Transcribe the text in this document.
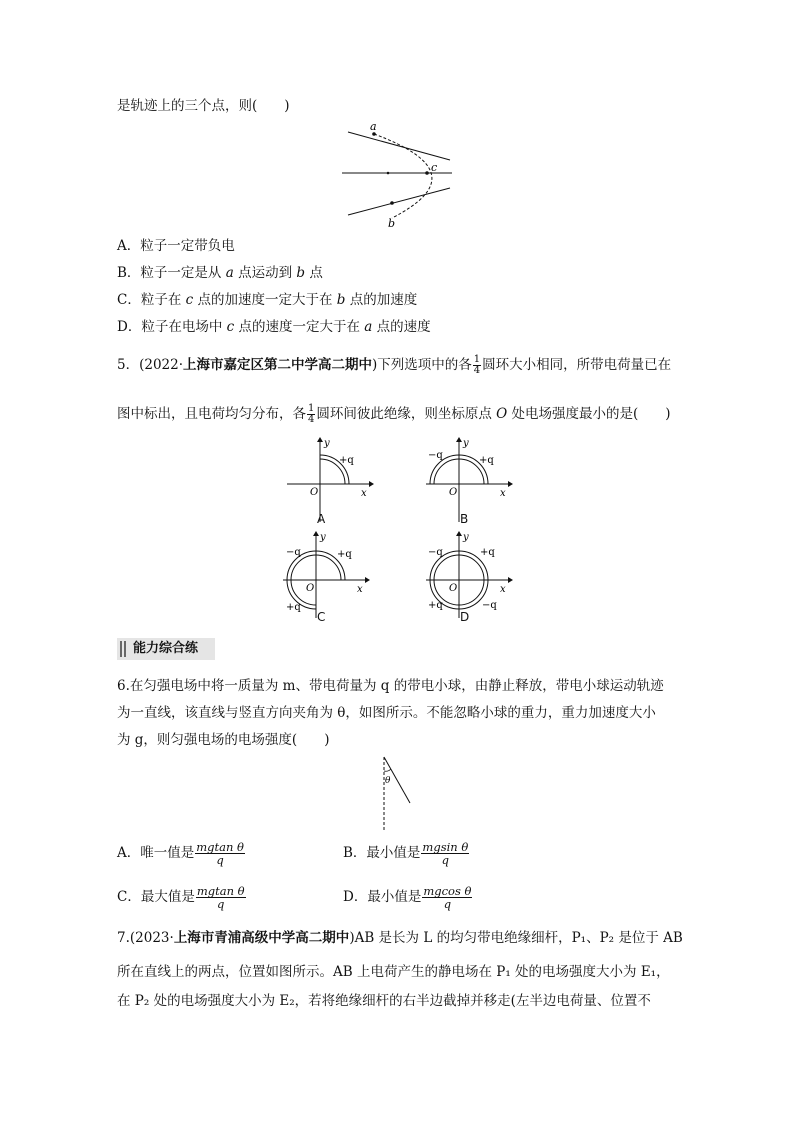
是轨迹上的三个点，则(　　)
a
c
b
A．粒子一定带负电
B．粒子一定是从 a 点运动到 b 点
C．粒子在 c 点的加速度一定大于在 b 点的加速度
D．粒子在电场中 c 点的速度一定大于在 a 点的速度
5．(2022·上海市嘉定区第二中学高二期中)下列选项中的各 $\frac{1}{4}$ 圆环大小相同，所带电荷量已在
图中标出，且电荷均匀分布，各 $\frac{1}{4}$ 圆环间彼此绝缘，则坐标原点 O 处电场强度最小的是(　　)
y
x
O
+q
A
y
x
O
−q	+q
B
y
x
O
−q	+q
+q
C
y
x
O
−q	+q
+q	−q
D
能力综合练
6.在匀强电场中将一质量为 m、带电荷量为 q 的带电小球，由静止释放，带电小球运动轨迹
为一直线，该直线与竖直方向夹角为 θ，如图所示。不能忽略小球的重力，重力加速度大小
为 g，则匀强电场的电场强度(　　)
θ
A．唯一值是 $\frac{\text{mgtan θ}}{q}$	B．最小值是 $\frac{\text{mgsin θ}}{q}$
C．最大值是 $\frac{\text{mgtan θ}}{q}$	D．最小值是 $\frac{\text{mgcos θ}}{q}$
7.(2023·上海市青浦高级中学高二期中)AB 是长为 L 的均匀带电绝缘细杆，P₁、P₂ 是位于 AB
所在直线上的两点，位置如图所示。AB 上电荷产生的静电场在 P₁ 处的电场强度大小为 E₁，
在 P₂ 处的电场强度大小为 E₂，若将绝缘细杆的右半边截掉并移走(左半边电荷量、位置不
